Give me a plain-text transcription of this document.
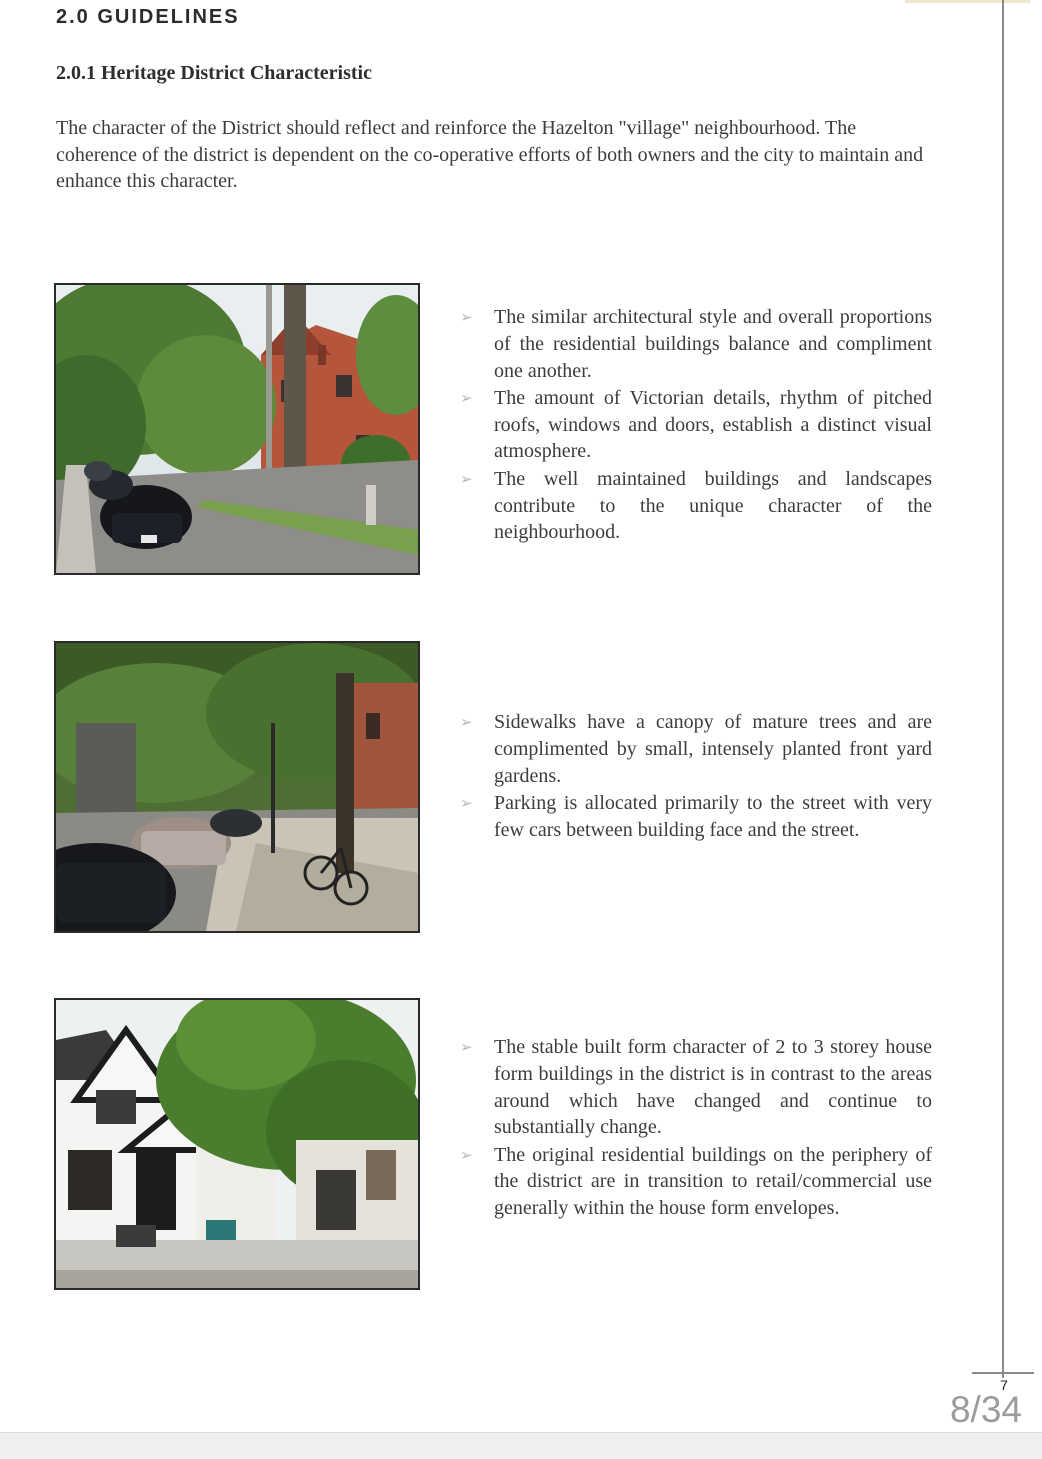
2.0 GUIDELINES
2.0.1 Heritage District Characteristic

The character of the District should reflect and reinforce the Hazelton "village" neighbourhood. The coherence of the district is dependent on the co-operative efforts of both owners and the city to maintain and enhance this character.

➢ The similar architectural style and overall proportions of the residential buildings balance and compliment one another.
➢ The amount of Victorian details, rhythm of pitched roofs, windows and doors, establish a distinct visual atmosphere.
➢ The well maintained buildings and landscapes contribute to the unique character of the neighbourhood.
➢ Sidewalks have a canopy of mature trees and are complimented by small, intensely planted front yard gardens.
➢ Parking is allocated primarily to the street with very few cars between building face and the street.
➢ The stable built form character of 2 to 3 storey house form buildings in the district is in contrast to the areas around which have changed and continue to substantially change.
➢ The original residential buildings on the periphery of the district are in transition to retail/commercial use generally within the house form envelopes.
7
8/34
